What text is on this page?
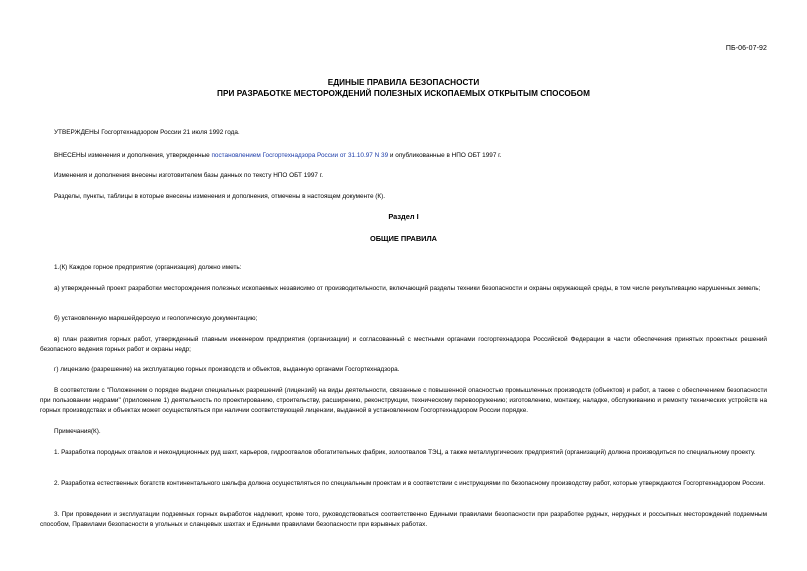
ПБ-06-07-92
ЕДИНЫЕ ПРАВИЛА БЕЗОПАСНОСТИ
ПРИ РАЗРАБОТКЕ МЕСТОРОЖДЕНИЙ ПОЛЕЗНЫХ ИСКОПАЕМЫХ ОТКРЫТЫМ СПОСОБОМ
УТВЕРЖДЕНЫ Госгортехнадзором России 21 июля 1992 года.
ВНЕСЕНЫ изменения и дополнения, утвержденные постановлением Госгортехнадзора России от 31.10.97 N 39 и опубликованные в НПО ОБТ 1997 г.
Изменения и дополнения внесены изготовителем базы данных по тексту НПО ОБТ 1997 г.
Разделы, пункты, таблицы в которые внесены изменения и дополнения, отмечены в настоящем документе (К).
Раздел I
ОБЩИЕ ПРАВИЛА
1.(К) Каждое горное предприятие (организация) должно иметь:
а) утвержденный проект разработки месторождения полезных ископаемых независимо от производительности, включающий разделы техники безопасности и охраны окружающей среды, в том числе рекультивацию нарушенных земель;
б) установленную маркшейдерскую и геологическую документацию;
в) план развития горных работ, утвержденный главным инженером предприятия (организации) и согласованный с местными органами госгортехнадзора Российской Федерации в части обеспечения принятых проектных решений безопасного ведения горных работ и охраны недр;
г) лицензию (разрешение) на эксплуатацию горных производств и объектов, выданную органами Госгортехнадзора.
В соответствии с "Положением о порядке выдачи специальных разрешений (лицензий) на виды деятельности, связанные с повышенной опасностью промышленных производств (объектов) и работ, а также с обеспечением безопасности при пользовании недрами" (приложение 1) деятельность по проектированию, строительству, расширению, реконструкции, техническому перевооружению; изготовлению, монтажу, наладке, обслуживанию и ремонту технических устройств на горных производствах и объектах может осуществляться при наличии соответствующей лицензии, выданной в установленном Госгортехнадзором России порядке.
Примечания(К).
1. Разработка породных отвалов и некондиционных руд шахт, карьеров, гидроотвалов обогатительных фабрик, золоотвалов ТЭЦ, а также металлургических предприятий (организаций) должна производиться по специальному проекту.
2. Разработка естественных богатств континентального шельфа должна осуществляться по специальным проектам и в соответствии с инструкциями по безопасному производству работ, которые утверждаются Госгортехнадзором России.
3. При проведении и эксплуатации подземных горных выработок надлежит, кроме того, руководствоваться соответственно Едиными правилами безопасности при разработке рудных, нерудных и россыпных месторождений подземным способом, Правилами безопасности в угольных и сланцевых шахтах и Едиными правилами безопасности при взрывных работах.
